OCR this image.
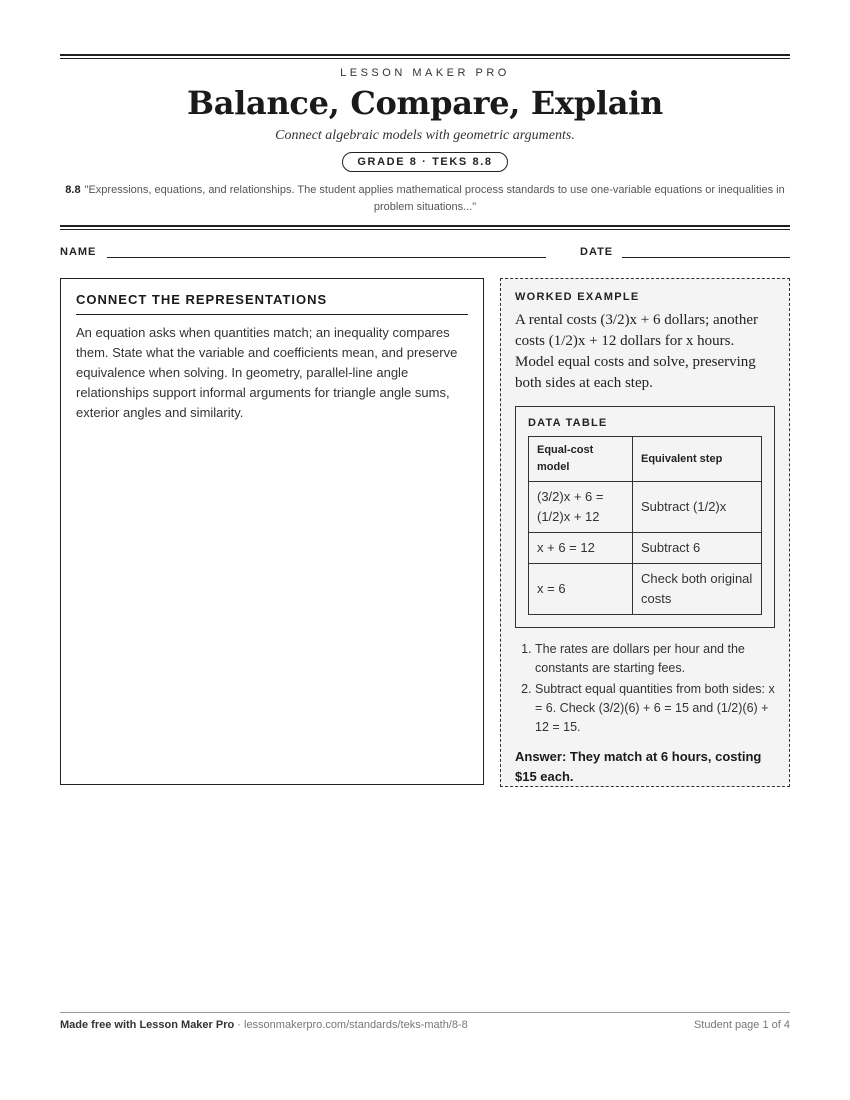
LESSON MAKER PRO
Balance, Compare, Explain
Connect algebraic models with geometric arguments.
GRADE 8 · TEKS 8.8
8.8 "Expressions, equations, and relationships. The student applies mathematical process standards to use one-variable equations or inequalities in problem situations..."
NAME	DATE
CONNECT THE REPRESENTATIONS

An equation asks when quantities match; an inequality compares them. State what the variable and coefficients mean, and preserve equivalence when solving. In geometry, parallel-line angle relationships support informal arguments for triangle angle sums, exterior angles and similarity.

WORKED EXAMPLE
A rental costs (3/2)x + 6 dollars; another costs (1/2)x + 12 dollars for x hours. Model equal costs and solve, preserving both sides at each step.
DATA TABLE
Equal-cost model	Equivalent step
(3/2)x + 6 = (1/2)x + 12	Subtract (1/2)x
x + 6 = 12	Subtract 6
x = 6	Check both original costs
1. The rates are dollars per hour and the constants are starting fees.
2. Subtract equal quantities from both sides: x = 6. Check (3/2)(6) + 6 = 15 and (1/2)(6) + 12 = 15.
Answer: They match at 6 hours, costing $15 each.
Made free with Lesson Maker Pro · lessonmakerpro.com/standards/teks-math/8-8	Student page 1 of 4
